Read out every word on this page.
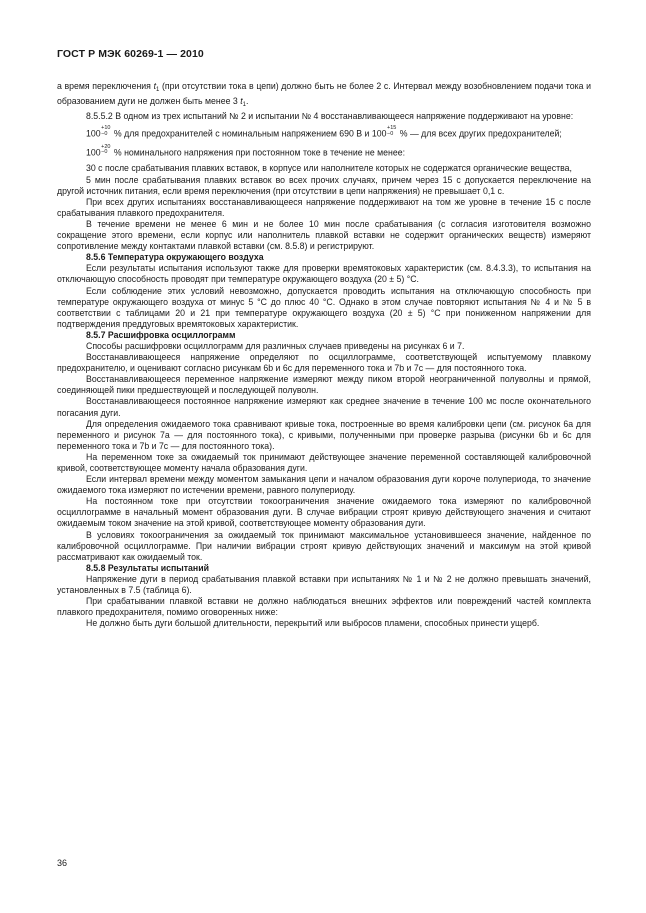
ГОСТ Р МЭК 60269-1 — 2010

а время переключения $t_1$ (при отсутствии тока в цепи) должно быть не более 2 с. Интервал между возобновлением подачи тока и образованием дуги не должен быть менее 3 $t_1$.

8.5.5.2 В одном из трех испытаний № 2 и испытании № 4 восстанавливающееся напряжение поддерживают на уровне:

100
+10
−0 % для предохранителей с номинальным напряжением 690 В и 100
+15
−0 % — для всех других предохранителей;

100
+20
−0 % номинального напряжения при постоянном токе в течение не менее:

30 с после срабатывания плавких вставок, в корпусе или наполнителе которых не содержатся органические вещества,

5 мин после срабатывания плавких вставок во всех прочих случаях, причем через 15 с допускается переключение на другой источник питания, если время переключения (при отсутствии в цепи напряжения) не превышает 0,1 с.

При всех других испытаниях восстанавливающееся напряжение поддерживают на том же уровне в течение 15 с после срабатывания плавкого предохранителя.

В течение времени не менее 6 мин и не более 10 мин после срабатывания (с согласия изготовителя возможно сокращение этого времени, если корпус или наполнитель плавкой вставки не содержит органических веществ) измеряют сопротивление между контактами плавкой вставки (см. 8.5.8) и регистрируют.

8.5.6 Температура окружающего воздуха

Если результаты испытания используют также для проверки времятоковых характеристик (см. 8.4.3.3), то испытания на отключающую способность проводят при температуре окружающего воздуха (20 ± 5) °С.

Если соблюдение этих условий невозможно, допускается проводить испытания на отключающую способность при температуре окружающего воздуха от минус 5 °С до плюс 40 °С. Однако в этом случае повторяют испытания № 4 и № 5 в соответствии с таблицами 20 и 21 при температуре окружающего воздуха (20 ± 5) °С при пониженном напряжении для подтверждения преддуговых времятоковых характеристик.

8.5.7 Расшифровка осциллограмм

Способы расшифровки осциллограмм для различных случаев приведены на рисунках 6 и 7.

Восстанавливающееся напряжение определяют по осциллограмме, соответствующей испытуемому плавкому предохранителю, и оценивают согласно рисункам 6b и 6с для переменного тока и 7b и 7с — для постоянного тока.

Восстанавливающееся переменное напряжение измеряют между пиком второй неограниченной полуволны и прямой, соединяющей пики предшествующей и последующей полуволн.

Восстанавливающееся постоянное напряжение измеряют как среднее значение в течение 100 мс после окончательного погасания дуги.

Для определения ожидаемого тока сравнивают кривые тока, построенные во время калибровки цепи (см. рисунок 6а для переменного и рисунок 7а — для постоянного тока), с кривыми, полученными при проверке разрыва (рисунки 6b и 6с для переменного тока и 7b и 7с — для постоянного тока).

На переменном токе за ожидаемый ток принимают действующее значение переменной составляющей калибровочной кривой, соответствующее моменту начала образования дуги.

Если интервал времени между моментом замыкания цепи и началом образования дуги короче полупериода, то значение ожидаемого тока измеряют по истечении времени, равного полупериоду.

На постоянном токе при отсутствии токоограничения значение ожидаемого тока измеряют по калибровочной осциллограмме в начальный момент образования дуги. В случае вибрации строят кривую действующего значения и считают ожидаемым током значение на этой кривой, соответствующее моменту образования дуги.

В условиях токоограничения за ожидаемый ток принимают максимальное установившееся значение, найденное по калибровочной осциллограмме. При наличии вибрации строят кривую действующих значений и максимум на этой кривой рассматривают как ожидаемый ток.

8.5.8 Результаты испытаний

Напряжение дуги в период срабатывания плавкой вставки при испытаниях № 1 и № 2 не должно превышать значений, установленных в 7.5 (таблица 6).

При срабатывании плавкой вставки не должно наблюдаться внешних эффектов или повреждений частей комплекта плавкого предохранителя, помимо оговоренных ниже:

Не должно быть дуги большой длительности, перекрытий или выбросов пламени, способных принести ущерб.

36
